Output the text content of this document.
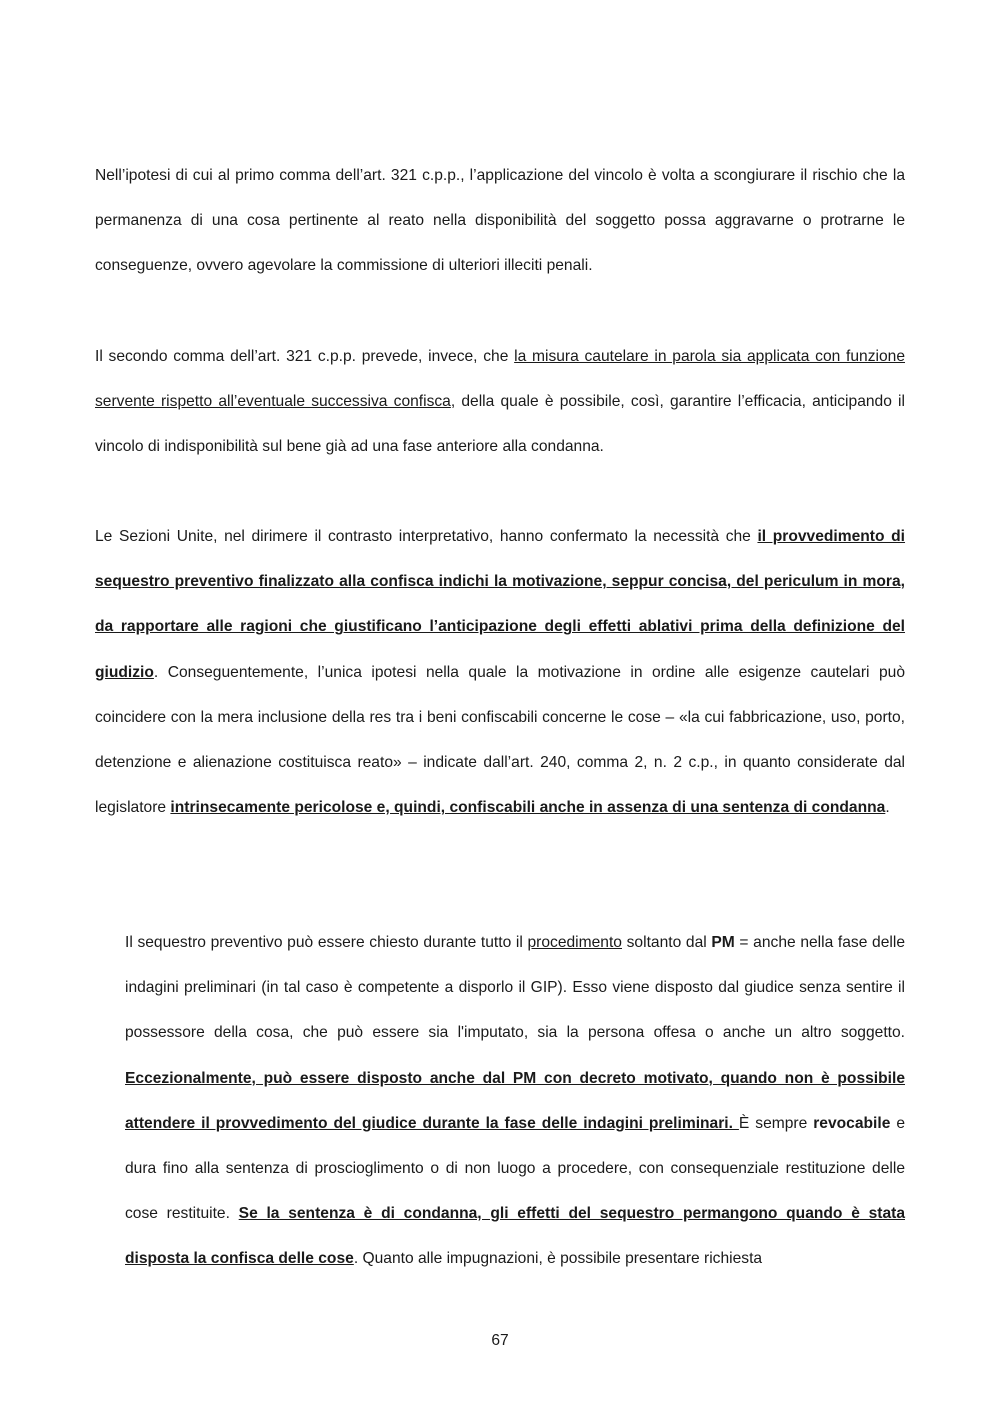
Nell’ipotesi di cui al primo comma dell’art. 321 c.p.p., l’applicazione del vincolo è volta a scongiurare il rischio che la permanenza di una cosa pertinente al reato nella disponibilità del soggetto possa aggravarne o protrarne le conseguenze, ovvero agevolare la commissione di ulteriori illeciti penali.

Il secondo comma dell’art. 321 c.p.p. prevede, invece, che la misura cautelare in parola sia applicata con funzione servente rispetto all’eventuale successiva confisca, della quale è possibile, così, garantire l’efficacia, anticipando il vincolo di indisponibilità sul bene già ad una fase anteriore alla condanna.

Le Sezioni Unite, nel dirimere il contrasto interpretativo, hanno confermato la necessità che il provvedimento di sequestro preventivo finalizzato alla confisca indichi la motivazione, seppur concisa, del periculum in mora, da rapportare alle ragioni che giustificano l’anticipazione degli effetti ablativi prima della definizione del giudizio. Conseguentemente, l’unica ipotesi nella quale la motivazione in ordine alle esigenze cautelari può coincidere con la mera inclusione della res tra i beni confiscabili concerne le cose – «la cui fabbricazione, uso, porto, detenzione e alienazione costituisca reato» – indicate dall’art. 240, comma 2, n. 2 c.p., in quanto considerate dal legislatore intrinsecamente pericolose e, quindi, confiscabili anche in assenza di una sentenza di condanna.

Il sequestro preventivo può essere chiesto durante tutto il procedimento soltanto dal PM = anche nella fase delle indagini preliminari (in tal caso è competente a disporlo il GIP). Esso viene disposto dal giudice senza sentire il possessore della cosa, che può essere sia l'imputato, sia la persona offesa o anche un altro soggetto. Eccezionalmente, può essere disposto anche dal PM con decreto motivato, quando non è possibile attendere il provvedimento del giudice durante la fase delle indagini preliminari. È sempre revocabile e dura fino alla sentenza di proscioglimento o di non luogo a procedere, con consequenziale restituzione delle cose restituite. Se la sentenza è di condanna, gli effetti del sequestro permangono quando è stata disposta la confisca delle cose. Quanto alle impugnazioni, è possibile presentare richiesta

67
